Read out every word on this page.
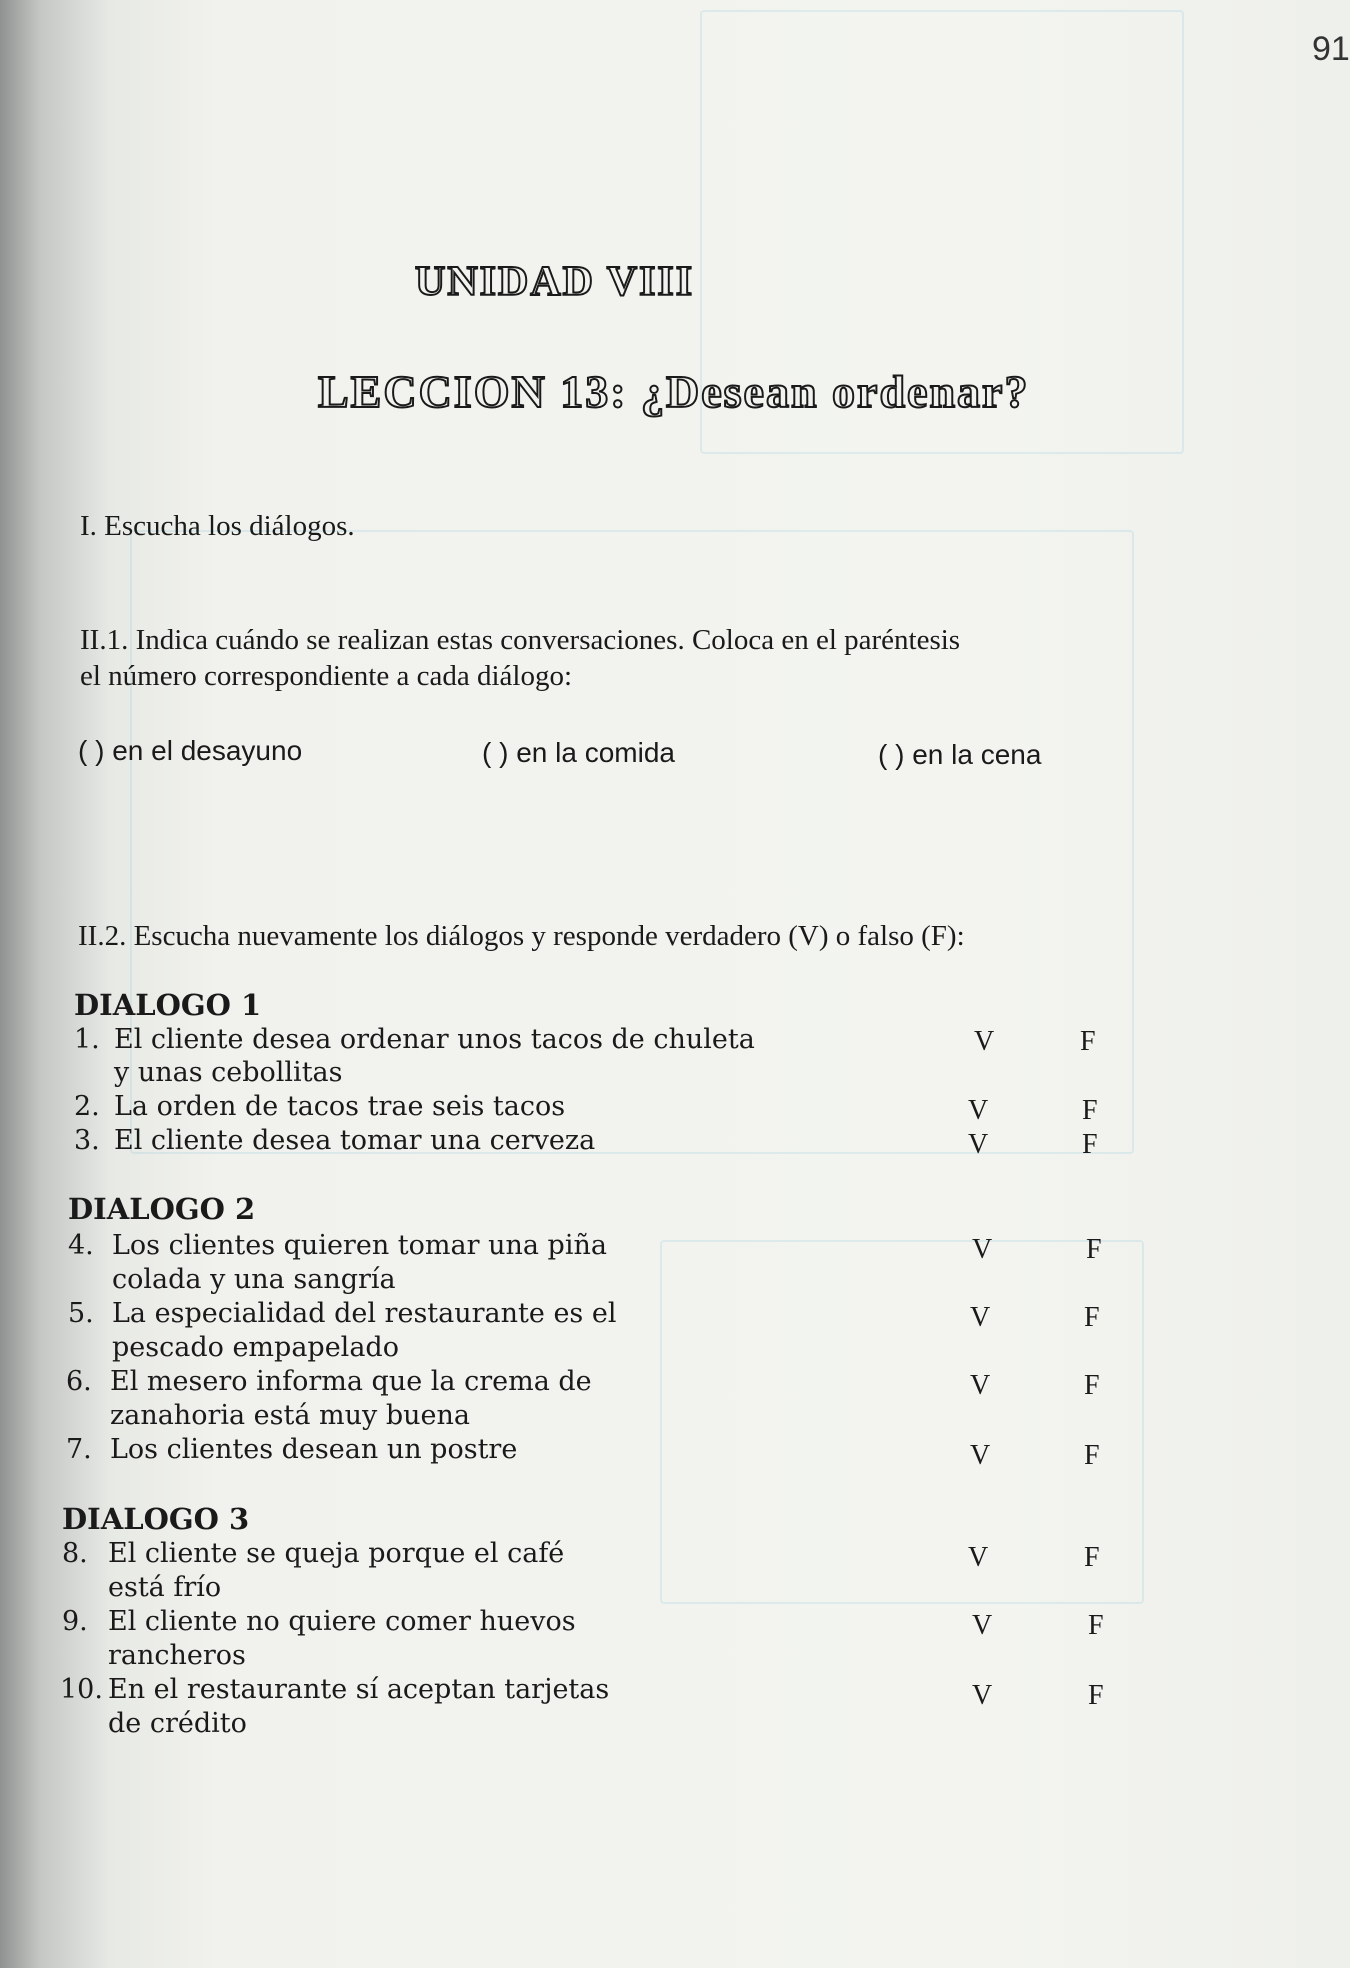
91
UNIDAD VIII
LECCION 13: ¿Desean ordenar?
I. Escucha los diálogos.
II.1. Indica cuándo se realizan estas conversaciones. Coloca en el paréntesis
el número correspondiente a cada diálogo:
( ) en el desayuno	( ) en la comida	( ) en la cena
II.2. Escucha nuevamente los diálogos y responde verdadero (V) o falso (F):
DIALOGO 1
1. El cliente desea ordenar unos tacos de chuleta
y unas cebollitas
V	F
2. La orden de tacos trae seis tacos	V	F
3. El cliente desea tomar una cerveza	V	F
DIALOGO 2
4. Los clientes quieren tomar una piña
colada y una sangría
V	F
5. La especialidad del restaurante es el
pescado empapelado
V	F
6. El mesero informa que la crema de
zanahoria está muy buena
V	F
7. Los clientes desean un postre	V	F
DIALOGO 3
8. El cliente se queja porque el café
está frío
V	F
9. El cliente no quiere comer huevos
rancheros
V	F
10. En el restaurante sí aceptan tarjetas
de crédito
V	F
